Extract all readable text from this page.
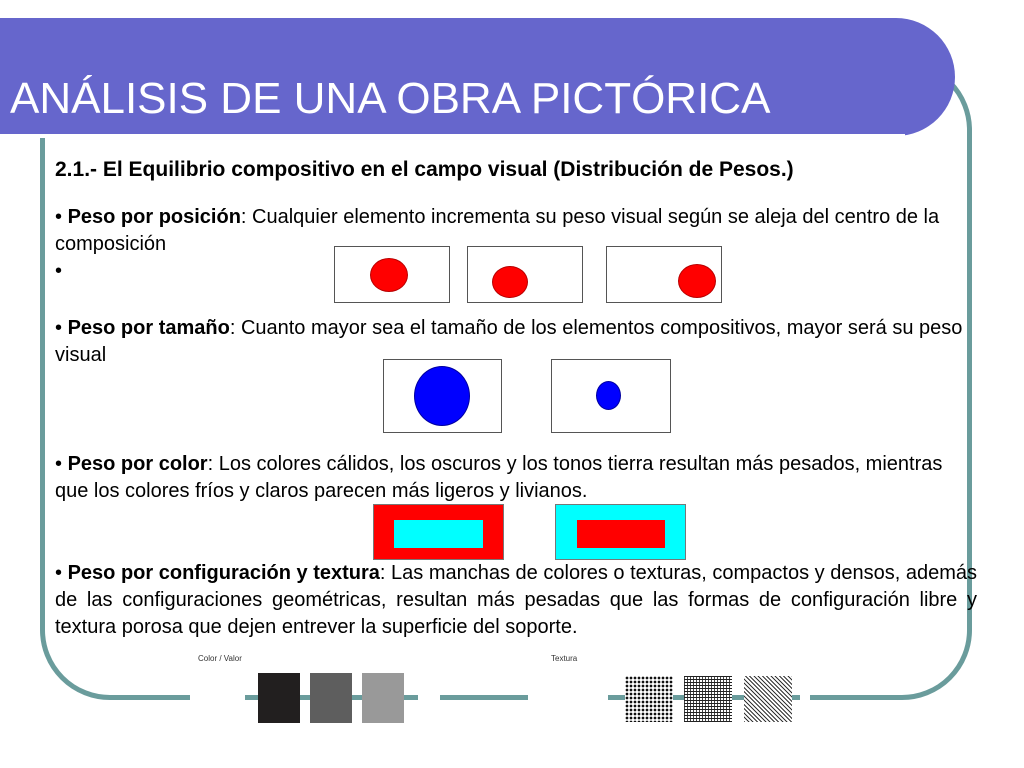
ANÁLISIS DE UNA OBRA PICTÓRICA
2.1.- El Equilibrio compositivo en el campo visual (Distribución de Pesos.)

• Peso por posición: Cualquier elemento incrementa su peso visual según se aleja del centro de la composición

•

• Peso por tamaño: Cuanto mayor sea el tamaño de los elementos compositivos, mayor será su peso visual

• Peso por color: Los colores cálidos, los oscuros y los tonos tierra resultan más pesados, mientras que los colores fríos y claros parecen más ligeros y livianos.

• Peso por configuración y textura: Las manchas de colores o texturas, compactos y densos, además de las configuraciones geométricas, resultan más pesadas que las formas de configuración libre y textura porosa que dejen entrever la superficie del soporte.

Color / Valor	Textura
